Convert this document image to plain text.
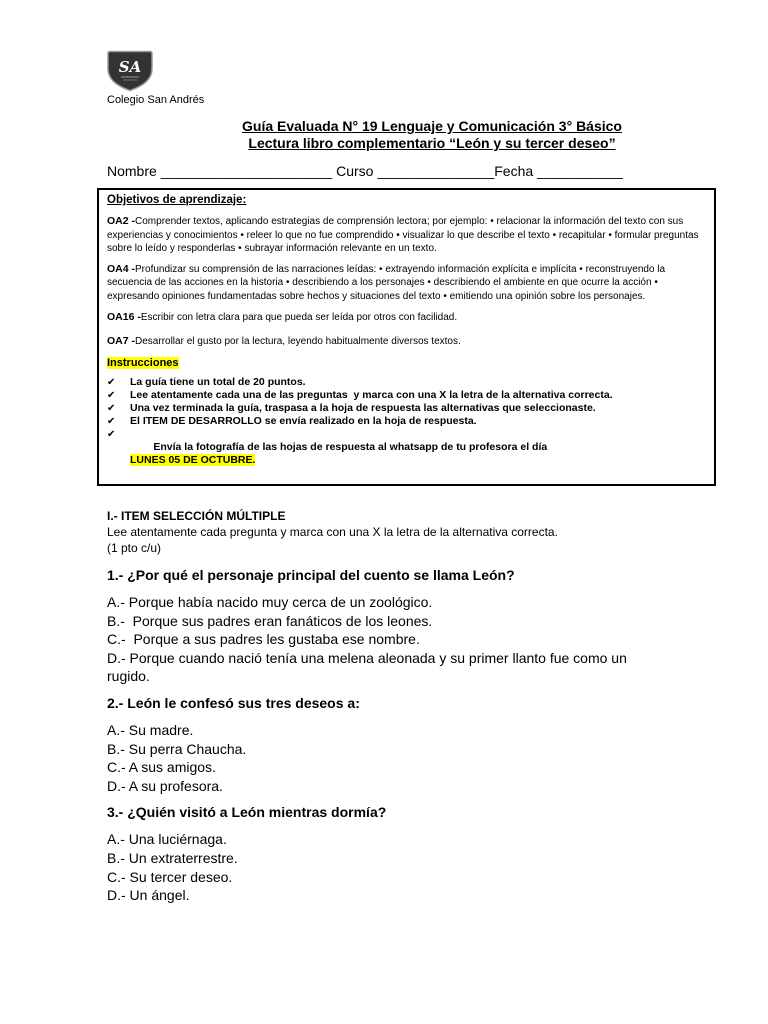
SA
Colegio San Andrés
Guía Evaluada N° 19 Lenguaje y Comunicación 3° Básico
Lectura libro complementario “León y su tercer deseo”
Nombre ______________________ Curso _______________Fecha ___________
Objetivos de aprendizaje:

OA2 -Comprender textos, aplicando estrategias de comprensión lectora; por ejemplo: • relacionar la información del texto con sus experiencias y conocimientos • releer lo que no fue comprendido • visualizar lo que describe el texto • recapitular • formular preguntas sobre lo leído y responderlas • subrayar información relevante en un texto.

OA4 -Profundizar su comprensión de las narraciones leídas: • extrayendo información explícita e implícita • reconstruyendo la secuencia de las acciones en la historia • describiendo a los personajes • describiendo el ambiente en que ocurre la acción • expresando opiniones fundamentadas sobre hechos y situaciones del texto • emitiendo una opinión sobre los personajes.

OA16 -Escribir con letra clara para que pueda ser leída por otros con facilidad.

OA7 -Desarrollar el gusto por la lectura, leyendo habitualmente diversos textos.

Instrucciones
✔
La guía tiene un total de 20 puntos.
✔
Lee atentamente cada una de las preguntas  y marca con una X la letra de la alternativa correcta.
✔
Una vez terminada la guía, traspasa a la hoja de respuesta las alternativas que seleccionaste.
✔
El ITEM DE DESARROLLO se envía realizado en la hoja de respuesta.
✔

Envía la fotografía de las hojas de respuesta al whatsapp de tu profesora el día
LUNES 05 DE OCTUBRE.

I.- ITEM SELECCIÓN MÚLTIPLE
Lee atentamente cada pregunta y marca con una X la letra de la alternativa correcta.
(1 pto c/u)
1.- ¿Por qué el personaje principal del cuento se llama León?
A.- Porque había nacido muy cerca de un zoológico.
B.-  Porque sus padres eran fanáticos de los leones.
C.-  Porque a sus padres les gustaba ese nombre.
D.- Porque cuando nació tenía una melena aleonada y su primer llanto fue como un rugido.
2.- León le confesó sus tres deseos a:
A.- Su madre.
B.- Su perra Chaucha.
C.- A sus amigos.
D.- A su profesora.
3.- ¿Quién visitó a León mientras dormía?
A.- Una luciérnaga.
B.- Un extraterrestre.
C.- Su tercer deseo.
D.- Un ángel.
